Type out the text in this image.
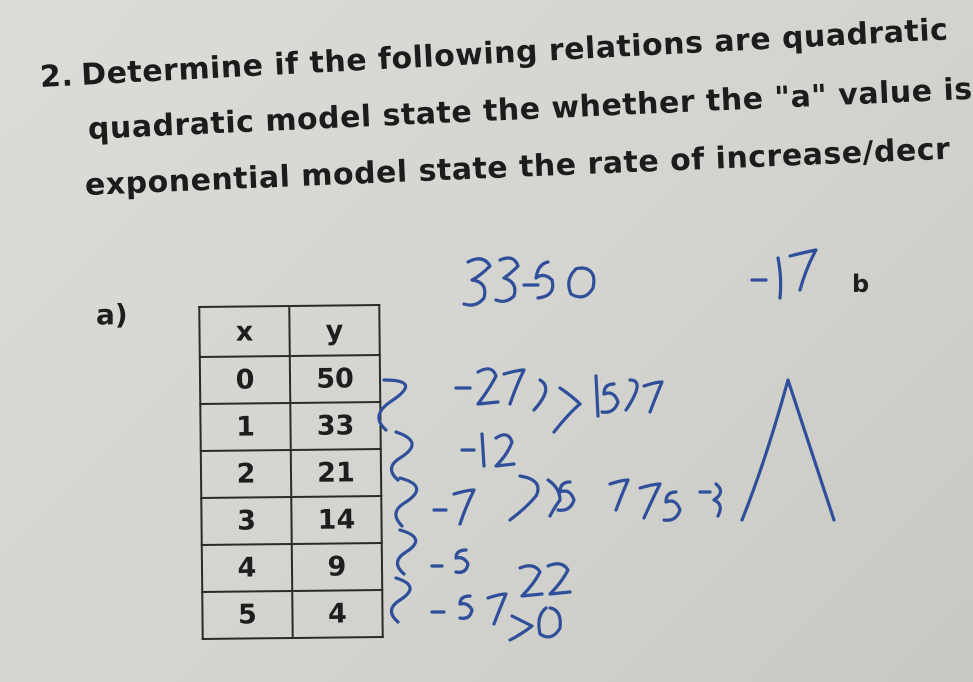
2. Determine if the following relations are quadratic
quadratic model state the whether the "a" value is
exponential model state the rate of increase/decr
a)
b
x	y
0	50
1	33
2	21
3	14
4	9
5	4
